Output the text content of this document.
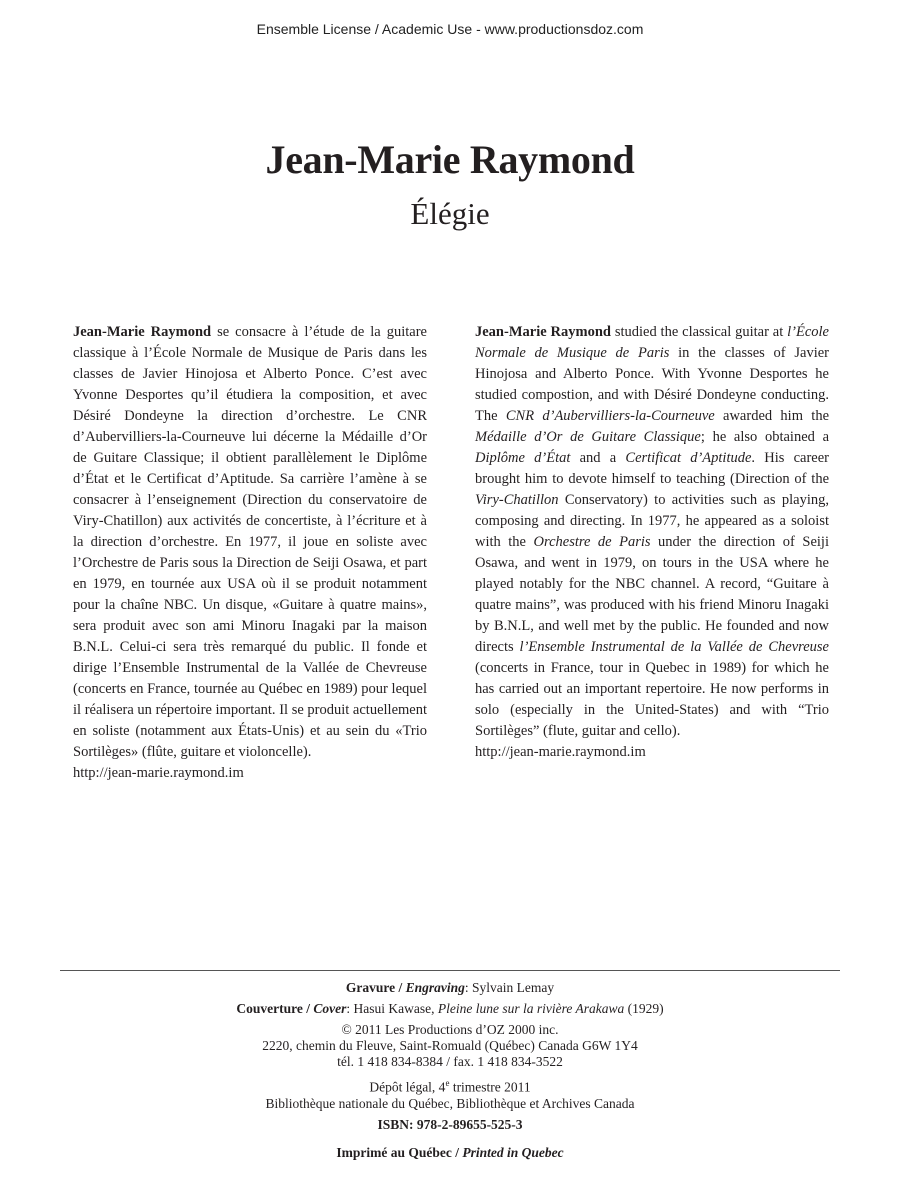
Ensemble License / Academic Use - www.productionsdoz.com
Jean-Marie Raymond
Élégie

Jean-Marie Raymond se consacre à l’étude de la guitare classique à l’École Normale de Musique de Paris dans les classes de Javier Hinojosa et Alberto Ponce. C’est avec Yvonne Desportes qu’il étudiera la composition, et avec Désiré Dondeyne la direction d’orchestre. Le CNR d’Aubervilliers-la-Courneuve lui décerne la Médaille d’Or de Guitare Classique; il obtient parallèlement le Diplôme d’État et le Certificat d’Aptitude. Sa carrière l’amène à se consacrer à l’enseignement (Direction du conservatoire de Viry-Chatillon) aux activités de concertiste, à l’écriture et à la direction d’orchestre. En 1977, il joue en soliste avec l’Orchestre de Paris sous la Direction de Seiji Osawa, et part en 1979, en tournée aux USA où il se produit notamment pour la chaîne NBC. Un disque, «Guitare à quatre mains», sera produit avec son ami Minoru Inagaki par la maison B.N.L. Celui-ci sera très remarqué du public. Il fonde et dirige l’Ensemble Instrumental de la Vallée de Chevreuse (concerts en France, tournée au Québec en 1989) pour lequel il réalisera un répertoire important. Il se produit actuellement en soliste (notamment aux États-Unis) et au sein du «Trio Sortilèges» (flûte, guitare et violoncelle).

http://jean-marie.raymond.im

Jean-Marie Raymond studied the classical guitar at l’École Normale de Musique de Paris in the classes of Javier Hinojosa and Alberto Ponce. With Yvonne Desportes he studied compostion, and with Désiré Dondeyne conducting. The CNR d’Aubervilliers-la-Courneuve awarded him the Médaille d’Or de Guitare Classique; he also obtained a Diplôme d’État and a Certificat d’Aptitude. His career brought him to devote himself to teaching (Direction of the Viry-Chatillon Conservatory) to activities such as playing, composing and directing. In 1977, he appeared as a soloist with the Orchestre de Paris under the direction of Seiji Osawa, and went in 1979, on tours in the USA where he played notably for the NBC channel. A record, “Guitare à quatre mains”, was produced with his friend Minoru Inagaki by B.N.L, and well met by the public. He founded and now directs l’Ensemble Instrumental de la Vallée de Chevreuse (concerts in France, tour in Quebec in 1989) for which he has carried out an important repertoire. He now performs in solo (especially in the United-States) and with “Trio Sortilèges” (flute, guitar and cello).

http://jean-marie.raymond.im
Gravure / Engraving: Sylvain Lemay
Couverture / Cover: Hasui Kawase, Pleine lune sur la rivière Arakawa (1929)
© 2011 Les Productions d’OZ 2000 inc.
2220, chemin du Fleuve, Saint-Romuald (Québec) Canada G6W 1Y4
tél. 1 418 834-8384 / fax. 1 418 834-3522
Dépôt légal, 4e trimestre 2011
Bibliothèque nationale du Québec, Bibliothèque et Archives Canada
ISBN: 978-2-89655-525-3
Imprimé au Québec / Printed in Quebec
